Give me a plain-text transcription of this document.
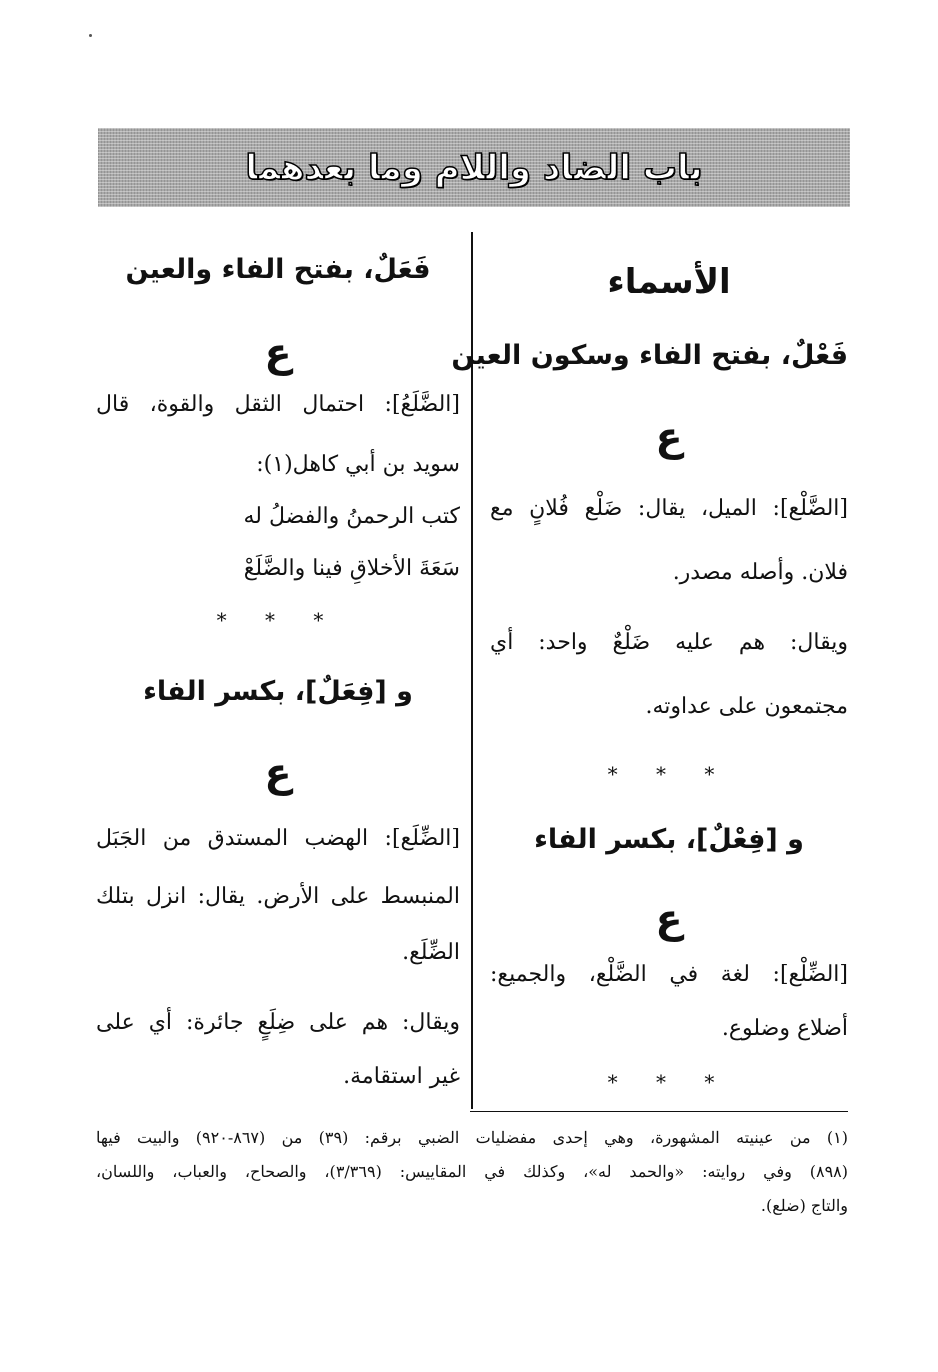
باب الضاد واللام وما بعدهما
الأسماء
فَعْلٌ، بفتح الفاء وسكون العين
ع
[الضَّلْع]: الميل، يقال: ضَلْع فُلانٍ مع
فلان. وأصله مصدر.
ويقال: هم عليه ضَلْعٌ واحد: أي
مجتمعون على عداوته.
* * *
و [فِعْلٌ]، بكسر الفاء
ع
[الضِّلْع]: لغة في الضَّلْع، والجميع:
أضلاع وضلوع.
* * *
فَعَلٌ، بفتح الفاء والعين
ع
[الضَّلَعُ]: احتمال الثقل والقوة، قال
سويد بن أبي كاهل(١):
كتب الرحمنُ والفضلُ له
سَعَةَ الأخلاقِ فينا والضَّلَعْ
* * *
و [فِعَلٌ]، بكسر الفاء
ع
[الضِّلَع]: الهضب المستدق من الجَبَل
المنبسط على الأرض. يقال: انزل بتلك
الضِّلَع.
ويقال: هم على ضِلَعٍ جائرة: أي على
غير استقامة.
(١) من عينيته المشهورة، وهي إحدى مفضليات الضبي برقم: (٣٩) من (٨٦٧-٩٢٠) والبيت فيها
(٨٩٨) وفي روايته: «والحمد له»، وكذلك في المقاييس: (٣/٣٦٩)، والصحاح، والعباب، واللسان،
والتاج (ضلع).
